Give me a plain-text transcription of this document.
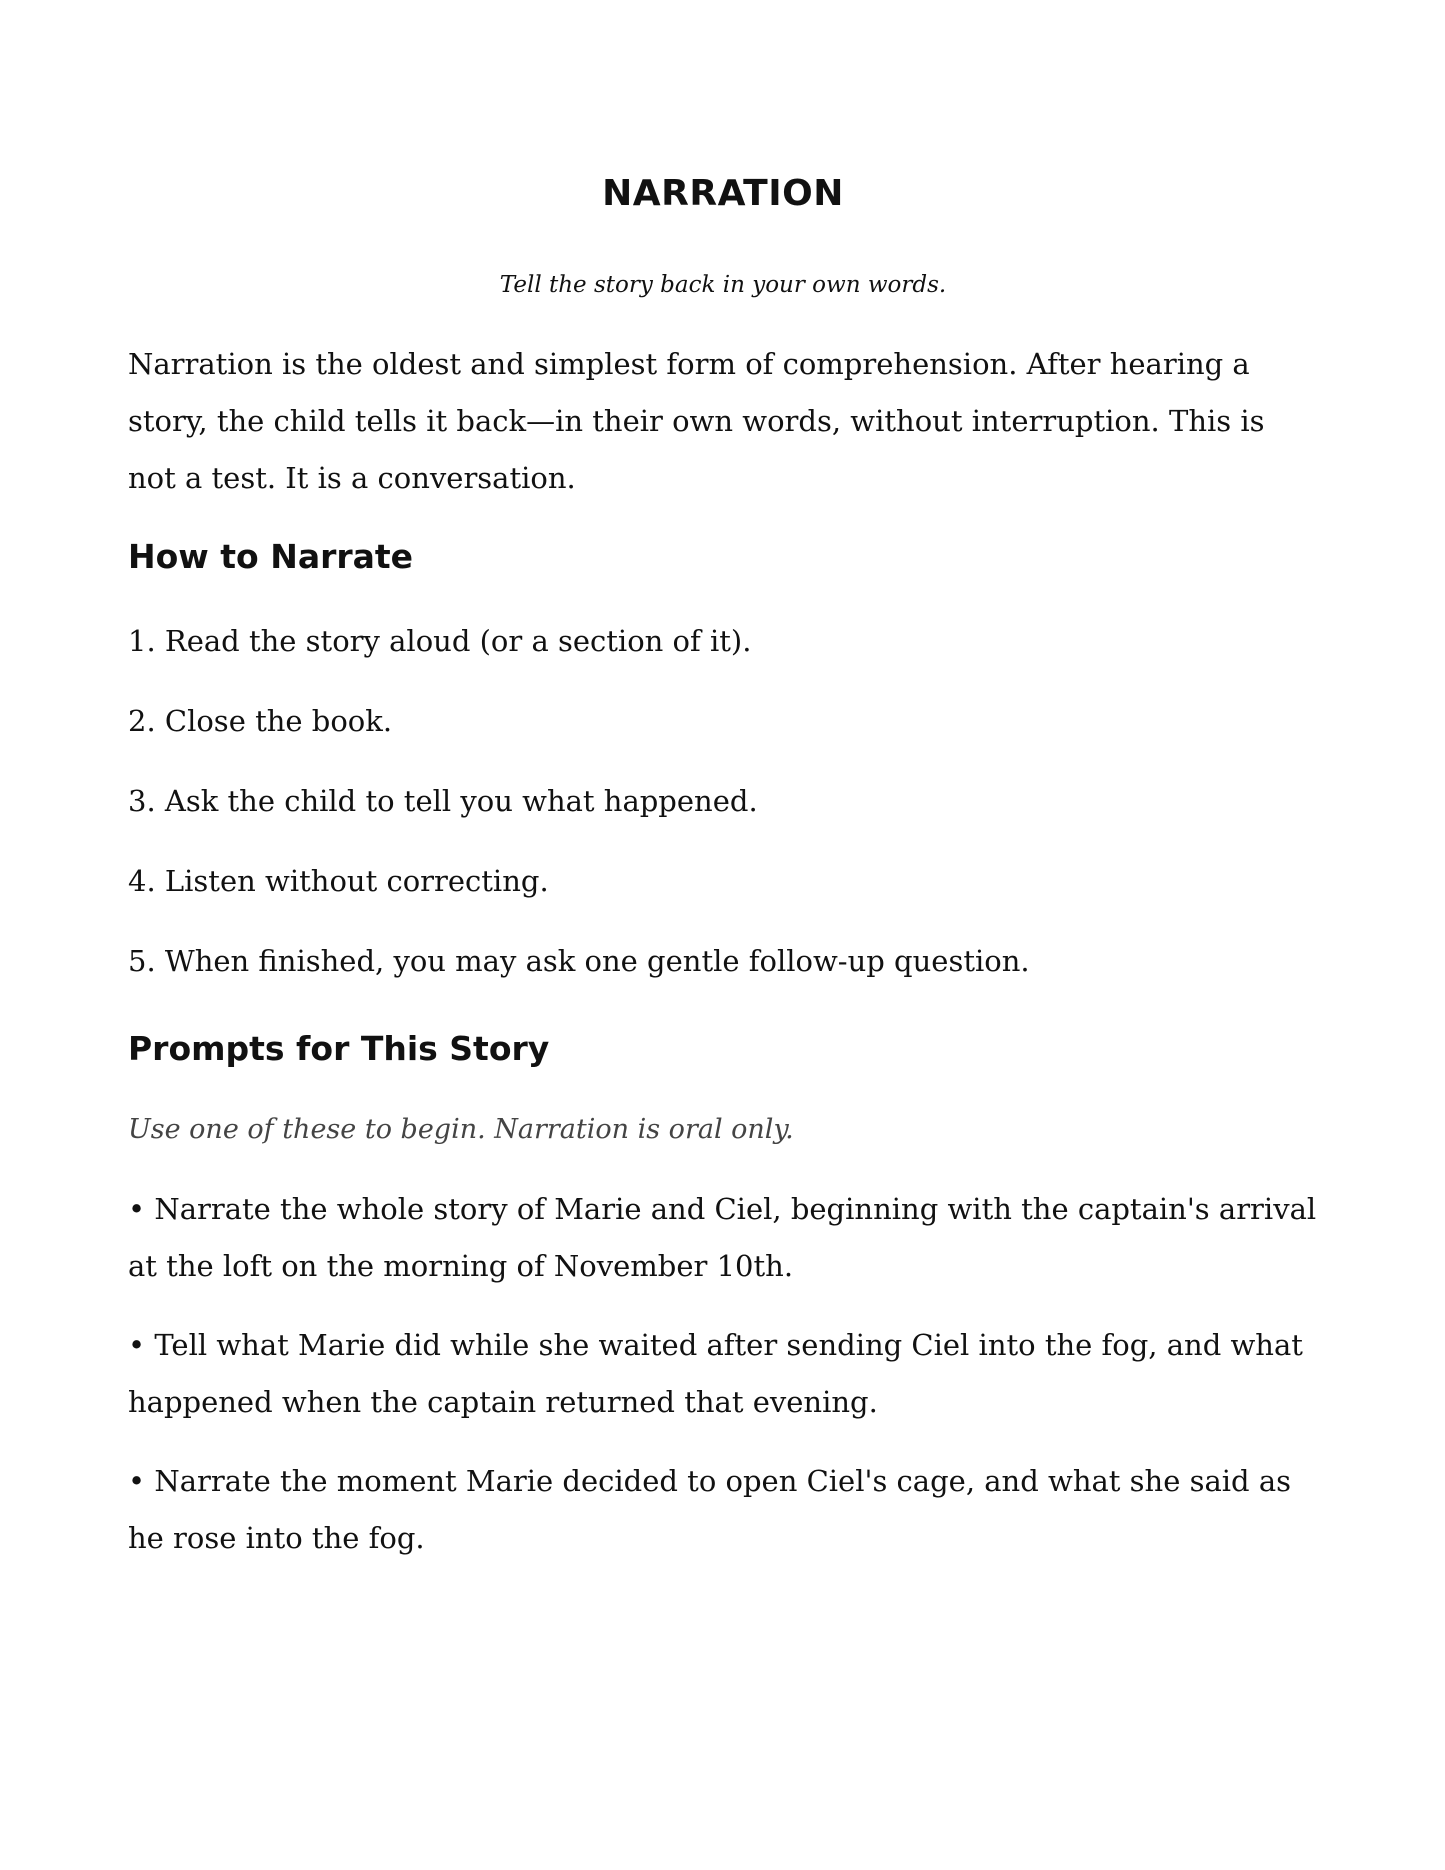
NARRATION

Tell the story back in your own words.

Narration is the oldest and simplest form of comprehension. After hearing a story, the child tells it back—in their own words, without interruption. This is not a test. It is a conversation.

How to Narrate

1. Read the story aloud (or a section of it).

2. Close the book.

3. Ask the child to tell you what happened.

4. Listen without correcting.

5. When finished, you may ask one gentle follow-up question.

Prompts for This Story

Use one of these to begin. Narration is oral only.

• Narrate the whole story of Marie and Ciel, beginning with the captain's arrival at the loft on the morning of November 10th.

• Tell what Marie did while she waited after sending Ciel into the fog, and what happened when the captain returned that evening.

• Narrate the moment Marie decided to open Ciel's cage, and what she said as he rose into the fog.
